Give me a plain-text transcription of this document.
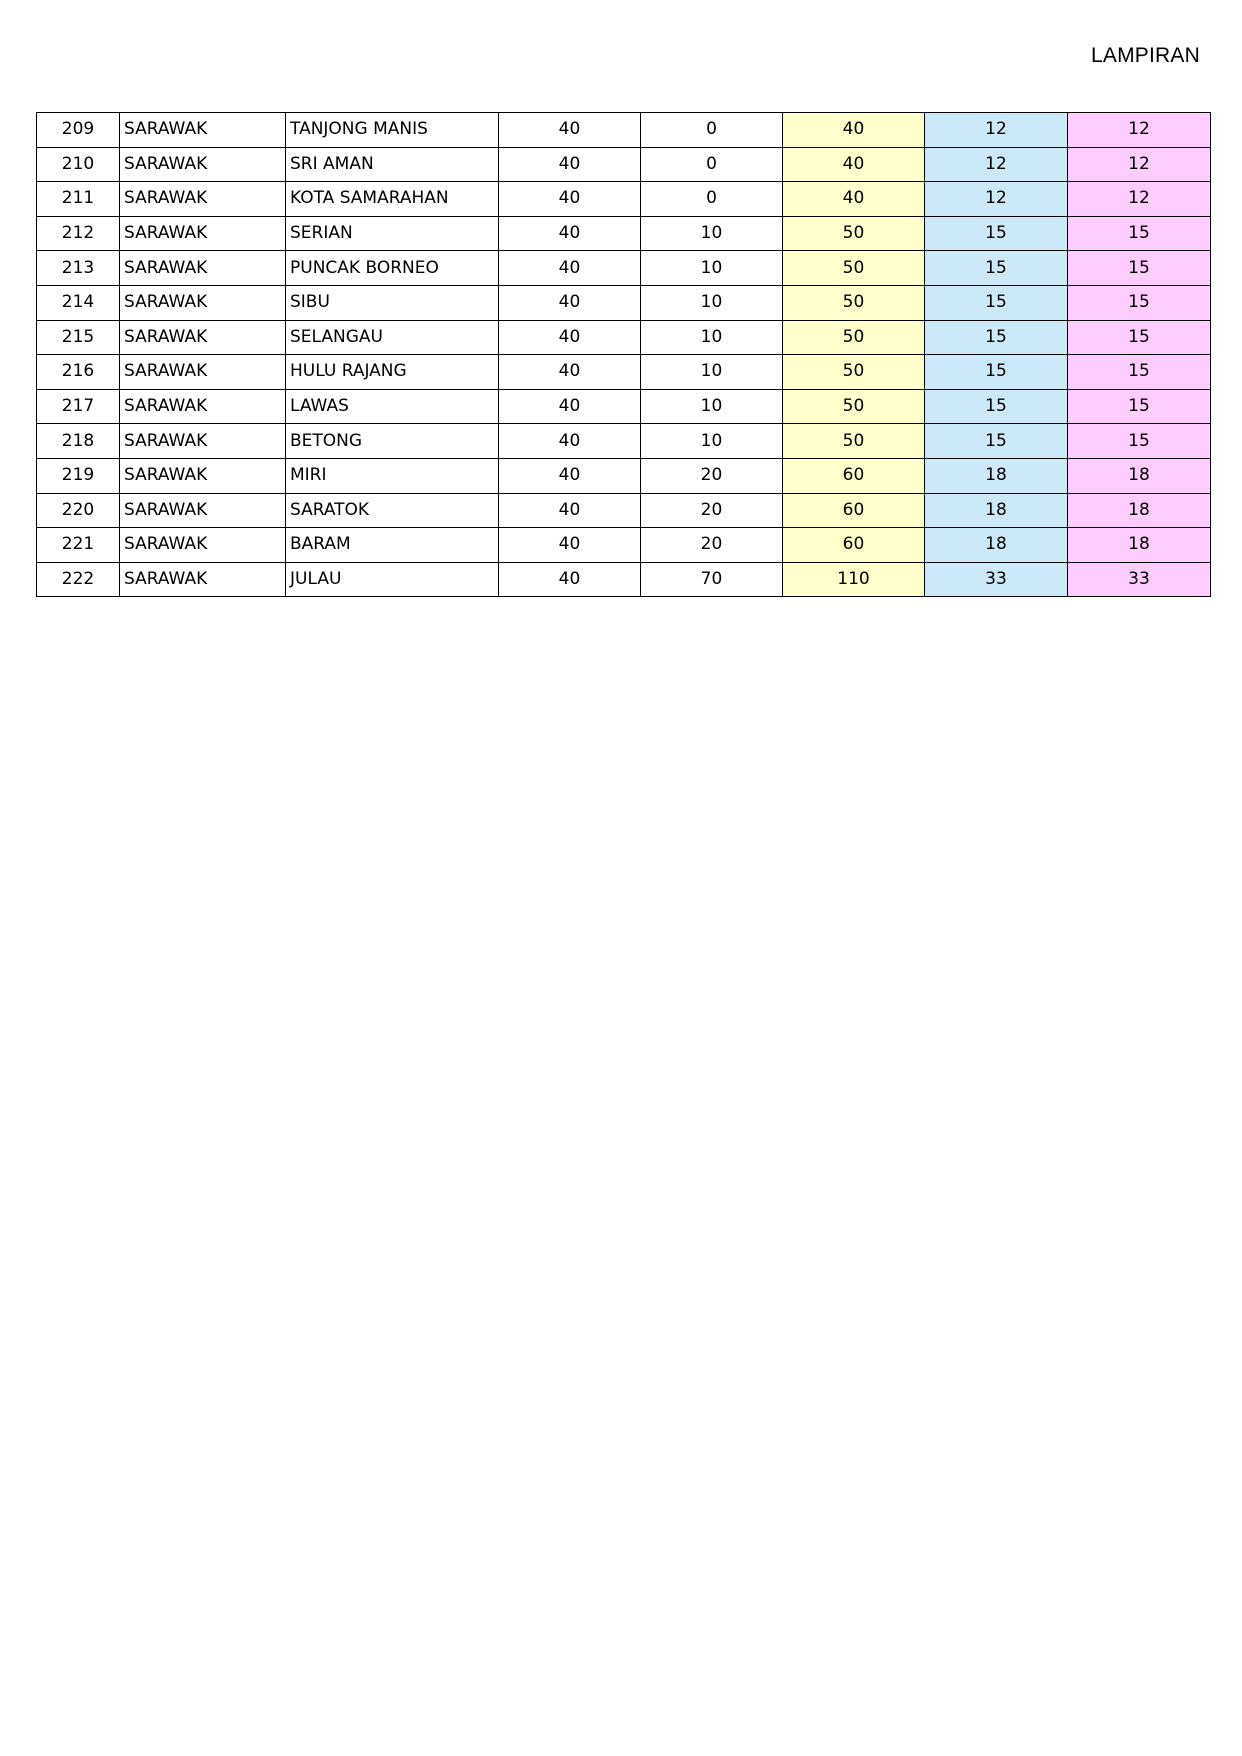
LAMPIRAN
209	SARAWAK	TANJONG MANIS	40	0	40	12	12
210	SARAWAK	SRI AMAN	40	0	40	12	12
211	SARAWAK	KOTA SAMARAHAN	40	0	40	12	12
212	SARAWAK	SERIAN	40	10	50	15	15
213	SARAWAK	PUNCAK BORNEO	40	10	50	15	15
214	SARAWAK	SIBU	40	10	50	15	15
215	SARAWAK	SELANGAU	40	10	50	15	15
216	SARAWAK	HULU RAJANG	40	10	50	15	15
217	SARAWAK	LAWAS	40	10	50	15	15
218	SARAWAK	BETONG	40	10	50	15	15
219	SARAWAK	MIRI	40	20	60	18	18
220	SARAWAK	SARATOK	40	20	60	18	18
221	SARAWAK	BARAM	40	20	60	18	18
222	SARAWAK	JULAU	40	70	110	33	33
